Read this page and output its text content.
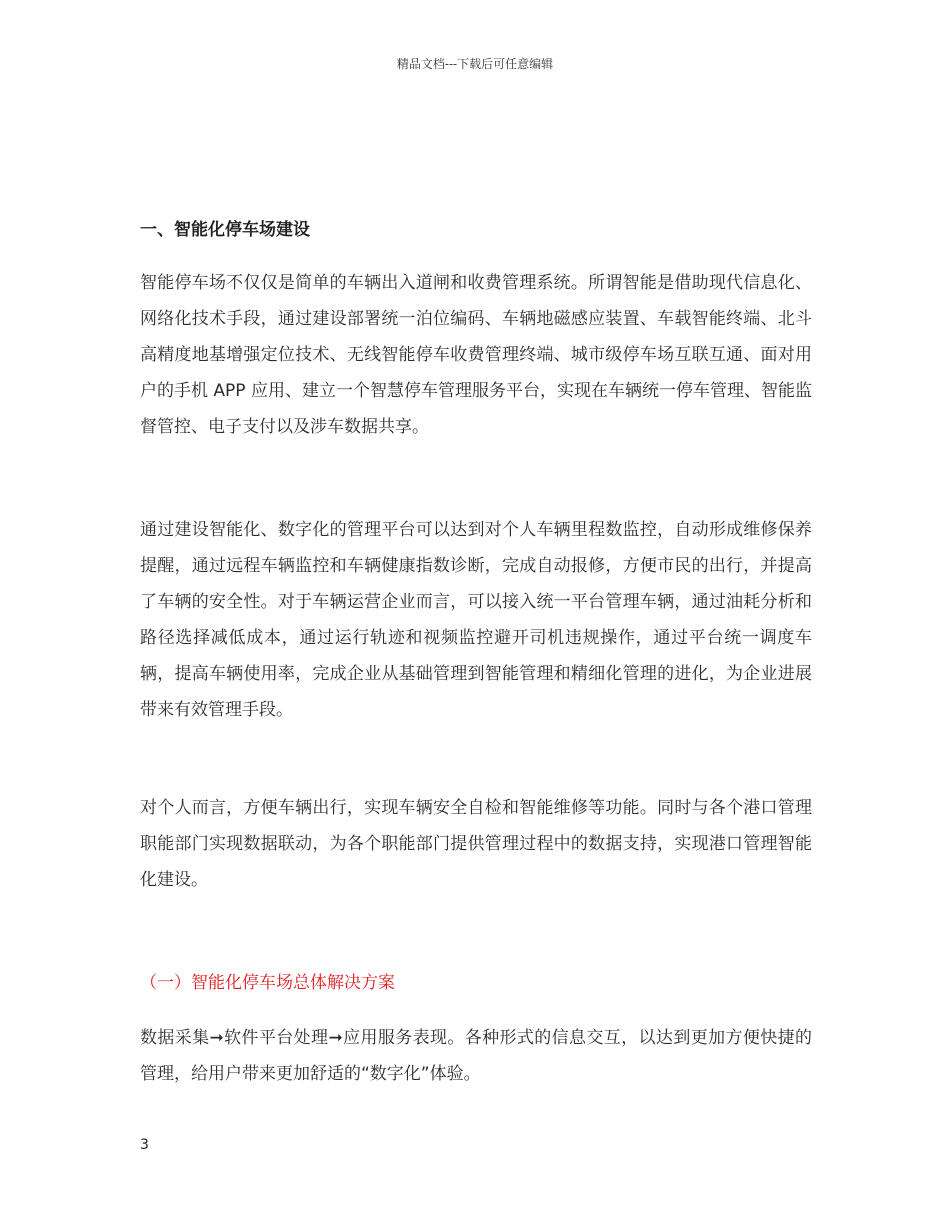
精品文档---下载后可任意编辑
一、智能化停车场建设

智能停车场不仅仅是简单的车辆出入道闸和收费管理系统。所谓智能是借助现代信息化、网络化技术手段，通过建设部署统一泊位编码、车辆地磁感应装置、车载智能终端、北斗高精度地基增强定位技术、无线智能停车收费管理终端、城市级停车场互联互通、面对用户的手机 APP 应用、建立一个智慧停车管理服务平台，实现在车辆统一停车管理、智能监督管控、电子支付以及涉车数据共享。

通过建设智能化、数字化的管理平台可以达到对个人车辆里程数监控，自动形成维修保养提醒，通过远程车辆监控和车辆健康指数诊断，完成自动报修，方便市民的出行，并提高了车辆的安全性。对于车辆运营企业而言，可以接入统一平台管理车辆，通过油耗分析和路径选择减低成本，通过运行轨迹和视频监控避开司机违规操作，通过平台统一调度车辆，提高车辆使用率，完成企业从基础管理到智能管理和精细化管理的进化，为企业进展带来有效管理手段。

对个人而言，方便车辆出行，实现车辆安全自检和智能维修等功能。同时与各个港口管理职能部门实现数据联动，为各个职能部门提供管理过程中的数据支持，实现港口管理智能化建设。

（一）智能化停车场总体解决方案

数据采集➞软件平台处理➞应用服务表现。各种形式的信息交互，以达到更加方便快捷的管理，给用户带来更加舒适的“数字化”体验。

3
